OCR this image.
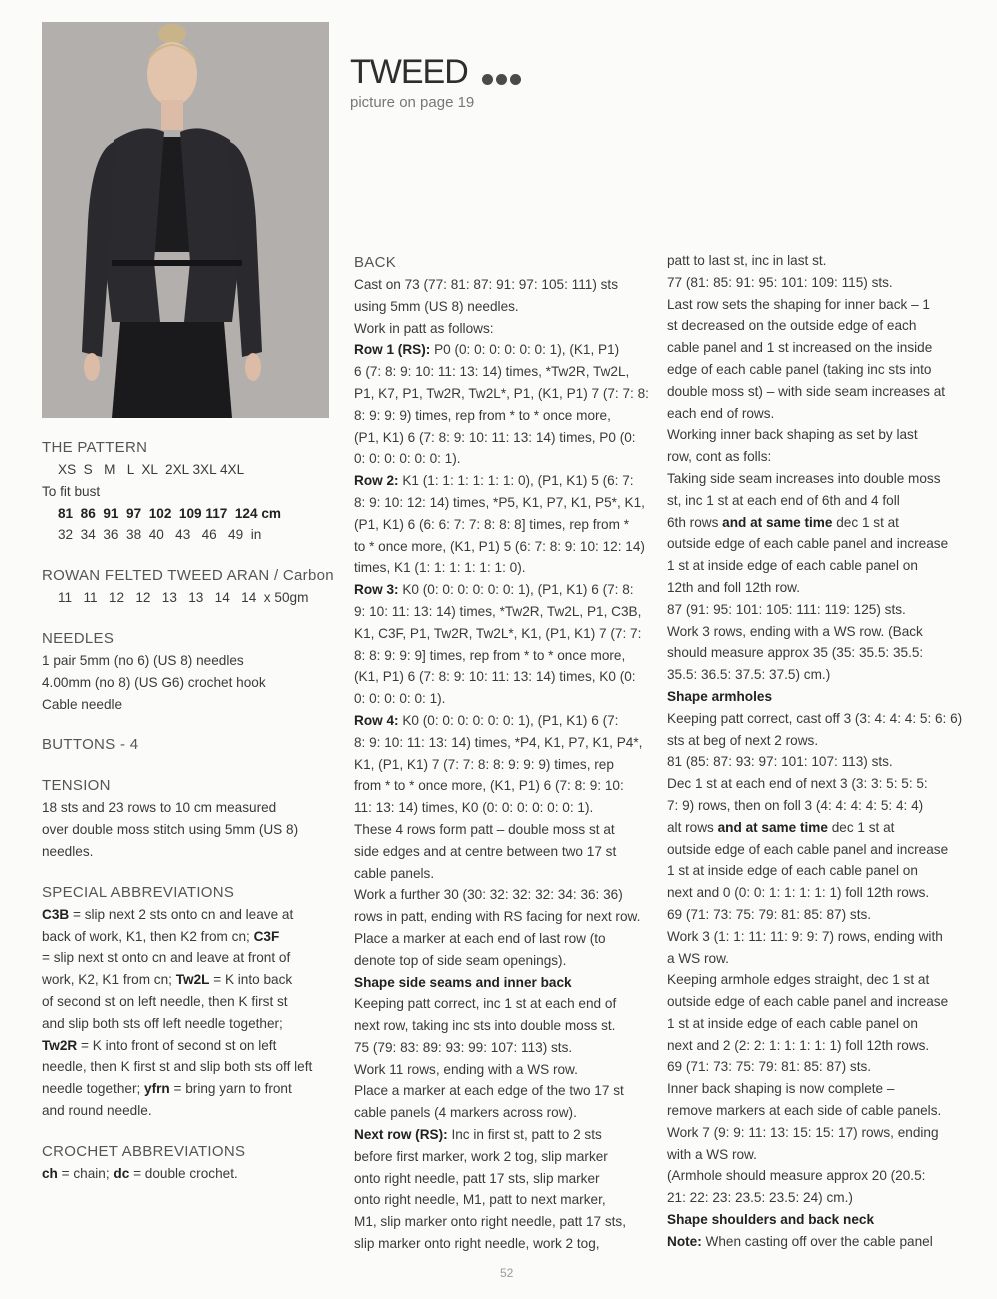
TWEED
picture on page 19
THE PATTERN
XS  S   M   L  XL  2XL 3XL 4XL
To fit bust
81  86  91  97  102  109 117  124 cm
32  34  36  38  40   43   46   49  in
ROWAN FELTED TWEED ARAN / Carbon
11   11   12   12   13   13   14   14  x 50gm
NEEDLES
1 pair 5mm (no 6) (US 8) needles
4.00mm (no 8) (US G6) crochet hook
Cable needle
BUTTONS - 4
TENSION
18 sts and 23 rows to 10 cm measured
over double moss stitch using 5mm (US 8)
needles.
SPECIAL ABBREVIATIONS
C3B = slip next 2 sts onto cn and leave at
back of work, K1, then K2 from cn; C3F
= slip next st onto cn and leave at front of
work, K2, K1 from cn; Tw2L = K into back
of second st on left needle, then K first st
and slip both sts off left needle together;
Tw2R = K into front of second st on left
needle, then K first st and slip both sts off left
needle together; yfrn = bring yarn to front
and round needle.
CROCHET ABBREVIATIONS
ch = chain; dc = double crochet.
BACK
Cast on 73 (77: 81: 87: 91: 97: 105: 111) sts
using 5mm (US 8) needles.
Work in patt as follows:
Row 1 (RS): P0 (0: 0: 0: 0: 0: 0: 1), (K1, P1)
6 (7: 8: 9: 10: 11: 13: 14) times, *Tw2R, Tw2L,
P1, K7, P1, Tw2R, Tw2L*, P1, (K1, P1) 7 (7: 7: 8:
8: 9: 9: 9) times, rep from * to * once more,
(P1, K1) 6 (7: 8: 9: 10: 11: 13: 14) times, P0 (0:
0: 0: 0: 0: 0: 0: 1).
Row 2: K1 (1: 1: 1: 1: 1: 1: 0), (P1, K1) 5 (6: 7:
8: 9: 10: 12: 14) times, *P5, K1, P7, K1, P5*, K1,
(P1, K1) 6 (6: 6: 7: 7: 8: 8: 8] times, rep from *
to * once more, (K1, P1) 5 (6: 7: 8: 9: 10: 12: 14)
times, K1 (1: 1: 1: 1: 1: 1: 0).
Row 3: K0 (0: 0: 0: 0: 0: 0: 1), (P1, K1) 6 (7: 8:
9: 10: 11: 13: 14) times, *Tw2R, Tw2L, P1, C3B,
K1, C3F, P1, Tw2R, Tw2L*, K1, (P1, K1) 7 (7: 7:
8: 8: 9: 9: 9] times, rep from * to * once more,
(K1, P1) 6 (7: 8: 9: 10: 11: 13: 14) times, K0 (0:
0: 0: 0: 0: 0: 1).
Row 4: K0 (0: 0: 0: 0: 0: 0: 1), (P1, K1) 6 (7:
8: 9: 10: 11: 13: 14) times, *P4, K1, P7, K1, P4*,
K1, (P1, K1) 7 (7: 7: 8: 8: 9: 9: 9) times, rep
from * to * once more, (K1, P1) 6 (7: 8: 9: 10:
11: 13: 14) times, K0 (0: 0: 0: 0: 0: 0: 1).
These 4 rows form patt – double moss st at
side edges and at centre between two 17 st
cable panels.
Work a further 30 (30: 32: 32: 32: 34: 36: 36)
rows in patt, ending with RS facing for next row.
Place a marker at each end of last row (to
denote top of side seam openings).
Shape side seams and inner back
Keeping patt correct, inc 1 st at each end of
next row, taking inc sts into double moss st.
75 (79: 83: 89: 93: 99: 107: 113) sts.
Work 11 rows, ending with a WS row.
Place a marker at each edge of the two 17 st
cable panels (4 markers across row).
Next row (RS): Inc in first st, patt to 2 sts
before first marker, work 2 tog, slip marker
onto right needle, patt 17 sts, slip marker
onto right needle, M1, patt to next marker,
M1, slip marker onto right needle, patt 17 sts,
slip marker onto right needle, work 2 tog,
patt to last st, inc in last st.
77 (81: 85: 91: 95: 101: 109: 115) sts.
Last row sets the shaping for inner back – 1
st decreased on the outside edge of each
cable panel and 1 st increased on the inside
edge of each cable panel (taking inc sts into
double moss st) – with side seam increases at
each end of rows.
Working inner back shaping as set by last
row, cont as folls:
Taking side seam increases into double moss
st, inc 1 st at each end of 6th and 4 foll
6th rows and at same time dec 1 st at
outside edge of each cable panel and increase
1 st at inside edge of each cable panel on
12th and foll 12th row.
87 (91: 95: 101: 105: 111: 119: 125) sts.
Work 3 rows, ending with a WS row. (Back
should measure approx 35 (35: 35.5: 35.5:
35.5: 36.5: 37.5: 37.5) cm.)
Shape armholes
Keeping patt correct, cast off 3 (3: 4: 4: 4: 5: 6: 6)
sts at beg of next 2 rows.
81 (85: 87: 93: 97: 101: 107: 113) sts.
Dec 1 st at each end of next 3 (3: 3: 5: 5: 5:
7: 9) rows, then on foll 3 (4: 4: 4: 4: 5: 4: 4)
alt rows and at same time dec 1 st at
outside edge of each cable panel and increase
1 st at inside edge of each cable panel on
next and 0 (0: 0: 1: 1: 1: 1: 1) foll 12th rows.
69 (71: 73: 75: 79: 81: 85: 87) sts.
Work 3 (1: 1: 11: 11: 9: 9: 7) rows, ending with
a WS row.
Keeping armhole edges straight, dec 1 st at
outside edge of each cable panel and increase
1 st at inside edge of each cable panel on
next and 2 (2: 2: 1: 1: 1: 1: 1) foll 12th rows.
69 (71: 73: 75: 79: 81: 85: 87) sts.
Inner back shaping is now complete –
remove markers at each side of cable panels.
Work 7 (9: 9: 11: 13: 15: 15: 17) rows, ending
with a WS row.
(Armhole should measure approx 20 (20.5:
21: 22: 23: 23.5: 23.5: 24) cm.)
Shape shoulders and back neck
Note: When casting off over the cable panel
52
